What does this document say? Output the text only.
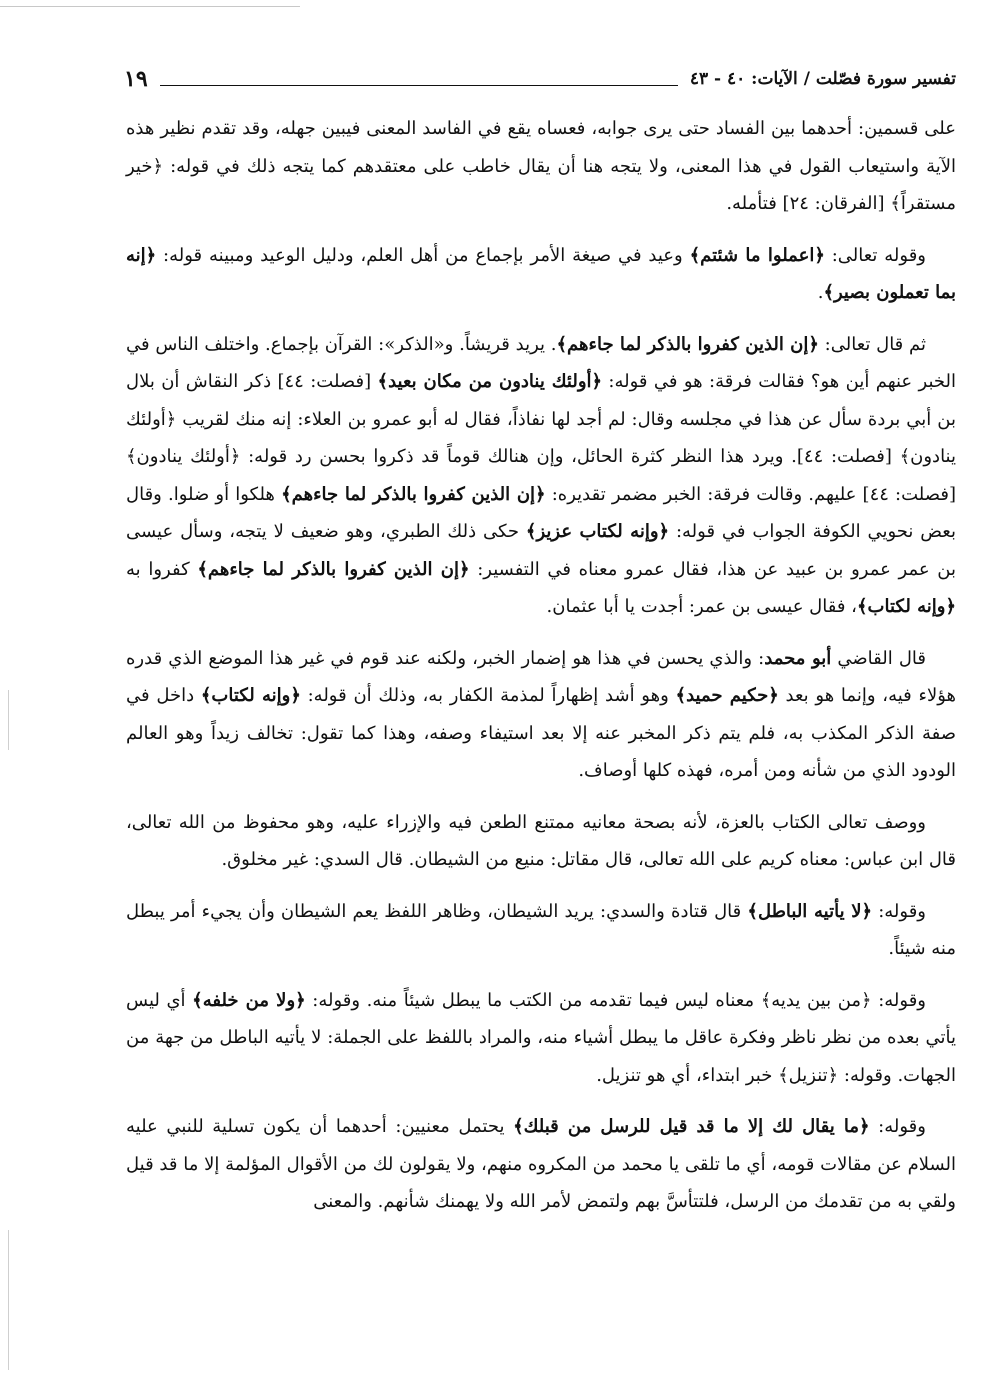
تفسير سورة فصّلت / الآيات: ٤٠ - ٤٣
١٩

على قسمين: أحدهما بين الفساد حتى يرى جوابه، فعساه يقع في الفاسد المعنى فيبين جهله، وقد تقدم نظير هذه الآية واستيعاب القول في هذا المعنى، ولا يتجه هنا أن يقال خاطب على معتقدهم كما يتجه ذلك في قوله: ﴿خير مستقراً﴾ [الفرقان: ٢٤] فتأمله.

وقوله تعالى: ﴿اعملوا ما شئتم﴾ وعيد في صيغة الأمر بإجماع من أهل العلم، ودليل الوعيد ومبينه قوله: ﴿إنه بما تعملون بصير﴾.

ثم قال تعالى: ﴿إن الذين كفروا بالذكر لما جاءهم﴾. يريد قريشاً. و«الذكر»: القرآن بإجماع. واختلف الناس في الخبر عنهم أين هو؟ فقالت فرقة: هو في قوله: ﴿أولئك ينادون من مكان بعيد﴾ [فصلت: ٤٤] ذكر النقاش أن بلال بن أبي بردة سأل عن هذا في مجلسه وقال: لم أجد لها نفاذاً، فقال له أبو عمرو بن العلاء: إنه منك لقريب ﴿أولئك ينادون﴾ [فصلت: ٤٤]. ويرد هذا النظر كثرة الحائل، وإن هنالك قوماً قد ذكروا بحسن رد قوله: ﴿أولئك ينادون﴾ [فصلت: ٤٤] عليهم. وقالت فرقة: الخبر مضمر تقديره: ﴿إن الذين كفروا بالذكر لما جاءهم﴾ هلكوا أو ضلوا. وقال بعض نحويي الكوفة الجواب في قوله: ﴿وإنه لكتاب عزيز﴾ حكى ذلك الطبري، وهو ضعيف لا يتجه، وسأل عيسى بن عمر عمرو بن عبيد عن هذا، فقال عمرو معناه في التفسير: ﴿إن الذين كفروا بالذكر لما جاءهم﴾ كفروا به ﴿وإنه لكتاب﴾، فقال عيسى بن عمر: أجدت يا أبا عثمان.

قال القاضي أبو محمد: والذي يحسن في هذا هو إضمار الخبر، ولكنه عند قوم في غير هذا الموضع الذي قدره هؤلاء فيه، وإنما هو بعد ﴿حكيم حميد﴾ وهو أشد إظهاراً لمذمة الكفار به، وذلك أن قوله: ﴿وإنه لكتاب﴾ داخل في صفة الذكر المكذب به، فلم يتم ذكر المخبر عنه إلا بعد استيفاء وصفه، وهذا كما تقول: تخالف زيداً وهو العالم الودود الذي من شأنه ومن أمره، فهذه كلها أوصاف.

ووصف تعالى الكتاب بالعزة، لأنه بصحة معانيه ممتنع الطعن فيه والإزراء عليه، وهو محفوظ من الله تعالى، قال ابن عباس: معناه كريم على الله تعالى، قال مقاتل: منيع من الشيطان. قال السدي: غير مخلوق.

وقوله: ﴿لا يأتيه الباطل﴾ قال قتادة والسدي: يريد الشيطان، وظاهر اللفظ يعم الشيطان وأن يجيء أمر يبطل منه شيئاً.

وقوله: ﴿من بين يديه﴾ معناه ليس فيما تقدمه من الكتب ما يبطل شيئاً منه. وقوله: ﴿ولا من خلفه﴾ أي ليس يأتي بعده من نظر ناظر وفكرة عاقل ما يبطل أشياء منه، والمراد باللفظ على الجملة: لا يأتيه الباطل من جهة من الجهات. وقوله: ﴿تنزيل﴾ خبر ابتداء، أي هو تنزيل.

وقوله: ﴿ما يقال لك إلا ما قد قيل للرسل من قبلك﴾ يحتمل معنيين: أحدهما أن يكون تسلية للنبي عليه السلام عن مقالات قومه، أي ما تلقى يا محمد من المكروه منهم، ولا يقولون لك من الأقوال المؤلمة إلا ما قد قيل ولقي به من تقدمك من الرسل، فلتتأسَّ بهم ولتمض لأمر الله ولا يهمنك شأنهم. والمعنى
